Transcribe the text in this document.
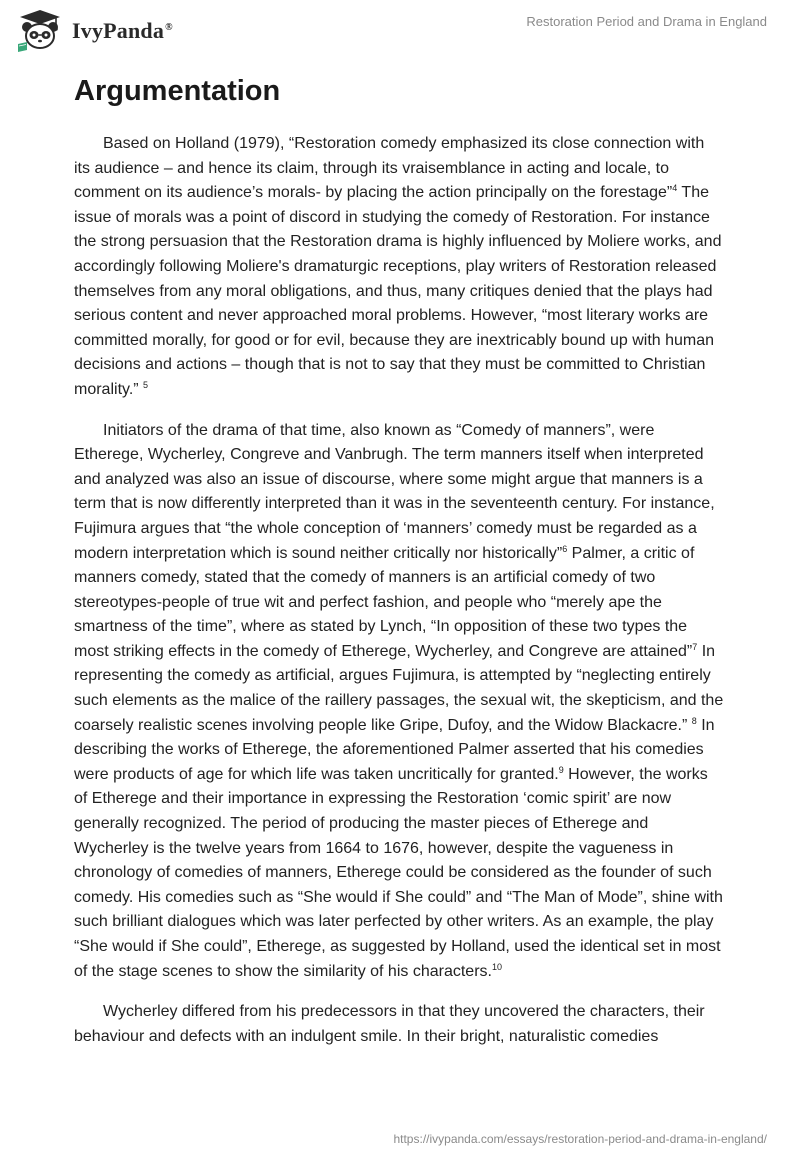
IvyPanda®	Restoration Period and Drama in England
Argumentation

Based on Holland (1979), “Restoration comedy emphasized its close connection with its audience – and hence its claim, through its vraisemblance in acting and locale, to comment on its audience’s morals- by placing the action principally on the forestage”$^4$ The issue of morals was a point of discord in studying the comedy of Restoration. For instance the strong persuasion that the Restoration drama is highly influenced by Moliere works, and accordingly following Moliere's dramaturgic receptions, play writers of Restoration released themselves from any moral obligations, and thus, many critiques denied that the plays had serious content and never approached moral problems. However, “most literary works are committed morally, for good or for evil, because they are inextricably bound up with human decisions and actions – though that is not to say that they must be committed to Christian morality.” $^5$

Initiators of the drama of that time, also known as “Comedy of manners”, were Etherege, Wycherley, Congreve and Vanbrugh. The term manners itself when interpreted and analyzed was also an issue of discourse, where some might argue that manners is a term that is now differently interpreted than it was in the seventeenth century. For instance, Fujimura argues that “the whole conception of ‘manners’ comedy must be regarded as a modern interpretation which is sound neither critically nor historically”$^6$ Palmer, a critic of manners comedy, stated that the comedy of manners is an artificial comedy of two stereotypes-people of true wit and perfect fashion, and people who “merely ape the smartness of the time”, where as stated by Lynch, “In opposition of these two types the most striking effects in the comedy of Etherege, Wycherley, and Congreve are attained”$^7$ In representing the comedy as artificial, argues Fujimura, is attempted by “neglecting entirely such elements as the malice of the raillery passages, the sexual wit, the skepticism, and the coarsely realistic scenes involving people like Gripe, Dufoy, and the Widow Blackacre.” $^8$ In describing the works of Etherege, the aforementioned Palmer asserted that his comedies were products of age for which life was taken uncritically for granted.$^9$ However, the works of Etherege and their importance in expressing the Restoration ‘comic spirit’ are now generally recognized. The period of producing the master pieces of Etherege and Wycherley is the twelve years from 1664 to 1676, however, despite the vagueness in chronology of comedies of manners, Etherege could be considered as the founder of such comedy. His comedies such as “She would if She could” and “The Man of Mode”, shine with such brilliant dialogues which was later perfected by other writers. As an example, the play “She would if She could”, Etherege, as suggested by Holland, used the identical set in most of the stage scenes to show the similarity of his characters.$^{10}$

Wycherley differed from his predecessors in that they uncovered the characters, their behaviour and defects with an indulgent smile. In their bright, naturalistic comedies

https://ivypanda.com/essays/restoration-period-and-drama-in-england/
